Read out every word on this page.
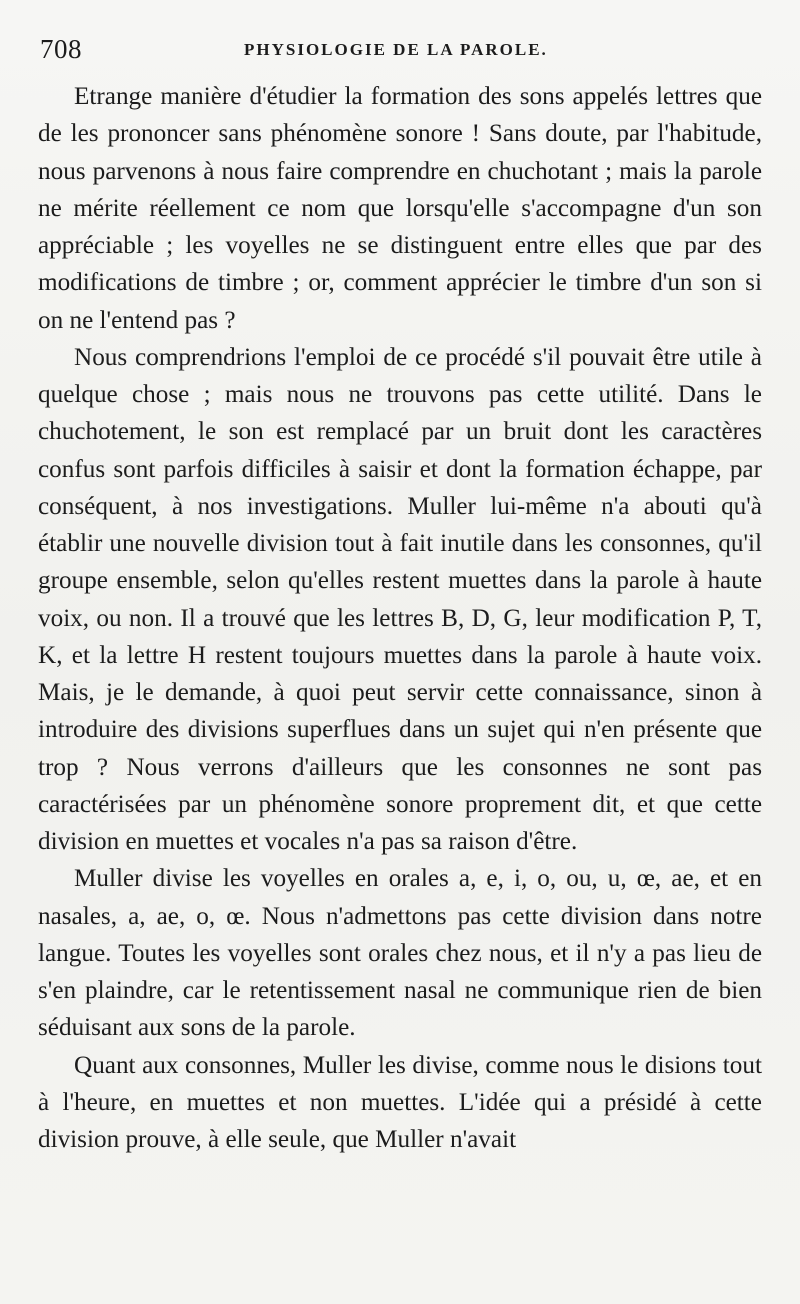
708	PHYSIOLOGIE DE LA PAROLE.

Etrange manière d'étudier la formation des sons appelés lettres que de les prononcer sans phénomène sonore ! Sans doute, par l'habitude, nous parvenons à nous faire comprendre en chuchotant ; mais la parole ne mérite réellement ce nom que lorsqu'elle s'accompagne d'un son appréciable ; les voyelles ne se distinguent entre elles que par des modifications de timbre ; or, comment apprécier le timbre d'un son si on ne l'entend pas ?

Nous comprendrions l'emploi de ce procédé s'il pouvait être utile à quelque chose ; mais nous ne trouvons pas cette utilité. Dans le chuchotement, le son est remplacé par un bruit dont les caractères confus sont parfois difficiles à saisir et dont la formation échappe, par conséquent, à nos investigations. Muller lui-même n'a abouti qu'à établir une nouvelle division tout à fait inutile dans les consonnes, qu'il groupe ensemble, selon qu'elles restent muettes dans la parole à haute voix, ou non. Il a trouvé que les lettres B, D, G, leur modification P, T, K, et la lettre H restent toujours muettes dans la parole à haute voix. Mais, je le demande, à quoi peut servir cette connaissance, sinon à introduire des divisions superflues dans un sujet qui n'en présente que trop ? Nous verrons d'ailleurs que les consonnes ne sont pas caractérisées par un phénomène sonore proprement dit, et que cette division en muettes et vocales n'a pas sa raison d'être.

Muller divise les voyelles en orales a, e, i, o, ou, u, œ, ae, et en nasales, a, ae, o, œ. Nous n'admettons pas cette division dans notre langue. Toutes les voyelles sont orales chez nous, et il n'y a pas lieu de s'en plaindre, car le retentissement nasal ne communique rien de bien séduisant aux sons de la parole.

Quant aux consonnes, Muller les divise, comme nous le disions tout à l'heure, en muettes et non muettes. L'idée qui a présidé à cette division prouve, à elle seule, que Muller n'avait
